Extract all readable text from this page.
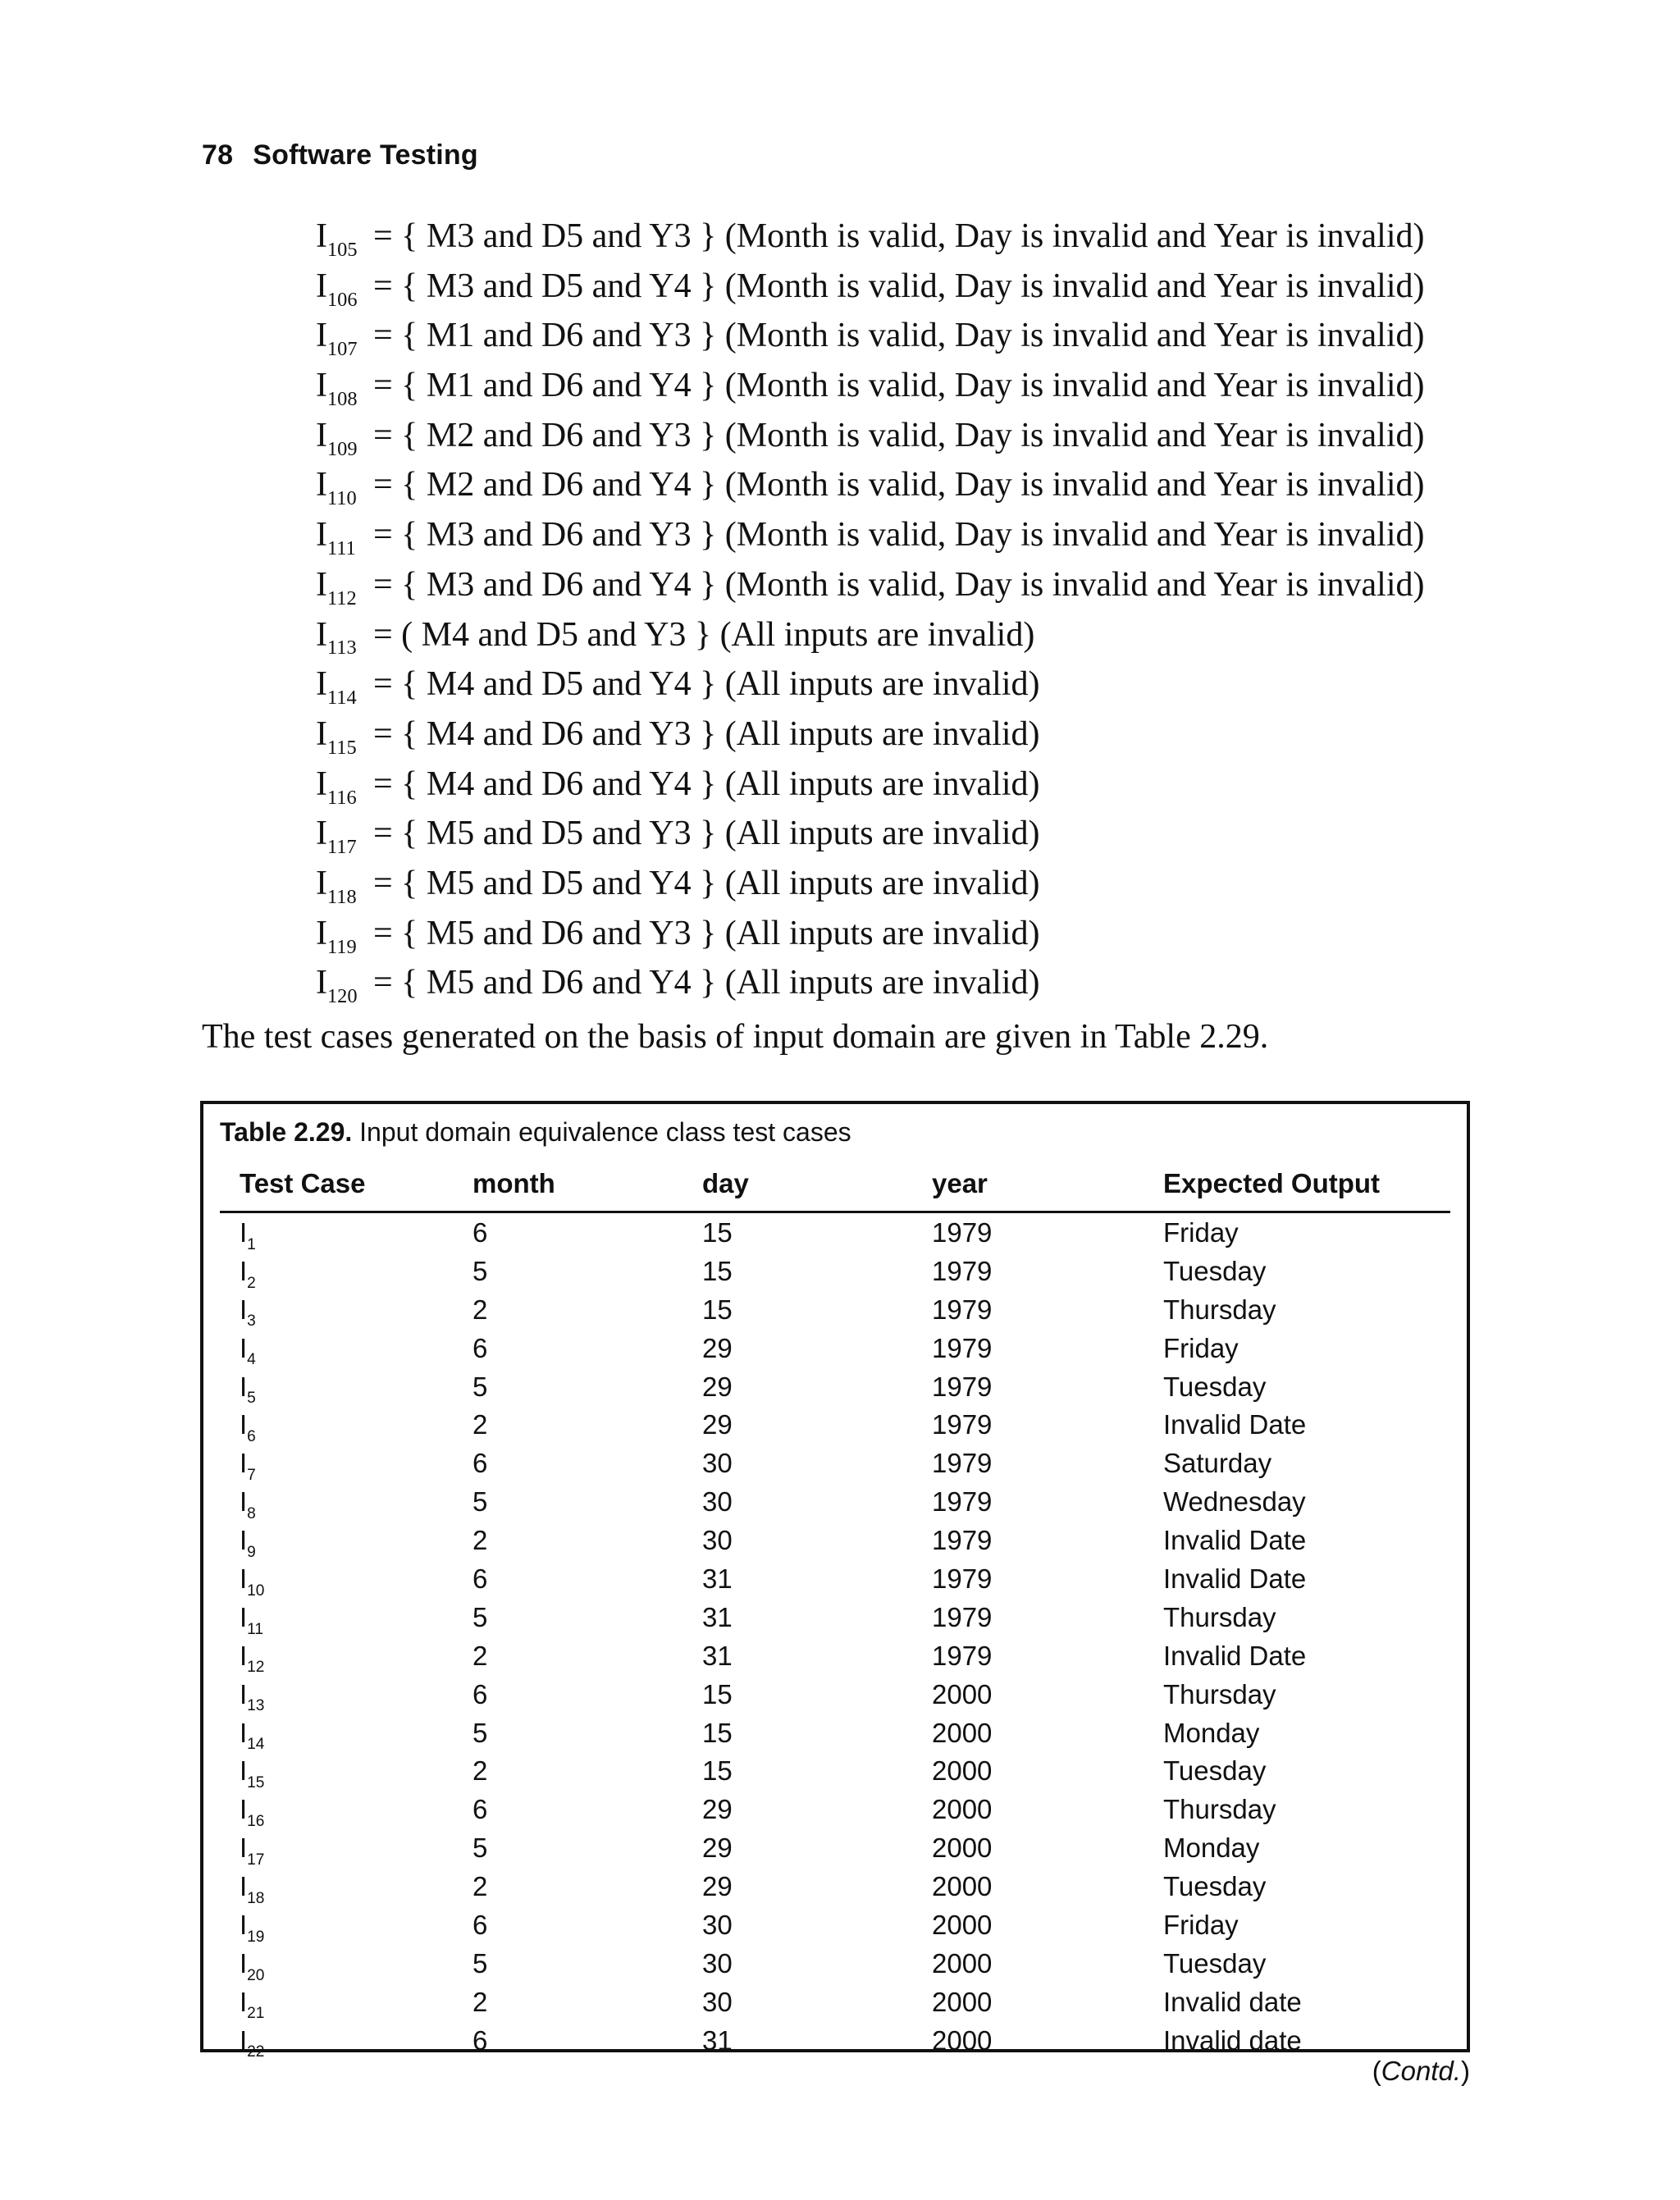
78 Software Testing
I105 = { M3 and D5 and Y3 } (Month is valid, Day is invalid and Year is invalid)
I106 = { M3 and D5 and Y4 } (Month is valid, Day is invalid and Year is invalid)
I107 = { M1 and D6 and Y3 } (Month is valid, Day is invalid and Year is invalid)
I108 = { M1 and D6 and Y4 } (Month is valid, Day is invalid and Year is invalid)
I109 = { M2 and D6 and Y3 } (Month is valid, Day is invalid and Year is invalid)
I110 = { M2 and D6 and Y4 } (Month is valid, Day is invalid and Year is invalid)
I111 = { M3 and D6 and Y3 } (Month is valid, Day is invalid and Year is invalid)
I112 = { M3 and D6 and Y4 } (Month is valid, Day is invalid and Year is invalid)
I113 = ( M4 and D5 and Y3 } (All inputs are invalid)
I114 = { M4 and D5 and Y4 } (All inputs are invalid)
I115 = { M4 and D6 and Y3 } (All inputs are invalid)
I116 = { M4 and D6 and Y4 } (All inputs are invalid)
I117 = { M5 and D5 and Y3 } (All inputs are invalid)
I118 = { M5 and D5 and Y4 } (All inputs are invalid)
I119 = { M5 and D6 and Y3 } (All inputs are invalid)
I120 = { M5 and D6 and Y4 } (All inputs are invalid)
The test cases generated on the basis of input domain are given in Table 2.29.
Table 2.29. Input domain equivalence class test cases
Test Case	month	day	year	Expected Output
$I_1$	6	15	1979	Friday
$I_2$	5	15	1979	Tuesday
$I_3$	2	15	1979	Thursday
$I_4$	6	29	1979	Friday
$I_5$	5	29	1979	Tuesday
$I_6$	2	29	1979	Invalid Date
$I_7$	6	30	1979	Saturday
$I_8$	5	30	1979	Wednesday
$I_9$	2	30	1979	Invalid Date
$I_{10}$	6	31	1979	Invalid Date
$I_{11}$	5	31	1979	Thursday
$I_{12}$	2	31	1979	Invalid Date
$I_{13}$	6	15	2000	Thursday
$I_{14}$	5	15	2000	Monday
$I_{15}$	2	15	2000	Tuesday
$I_{16}$	6	29	2000	Thursday
$I_{17}$	5	29	2000	Monday
$I_{18}$	2	29	2000	Tuesday
$I_{19}$	6	30	2000	Friday
$I_{20}$	5	30	2000	Tuesday
$I_{21}$	2	30	2000	Invalid date
$I_{22}$	6	31	2000	Invalid date
(Contd.)
